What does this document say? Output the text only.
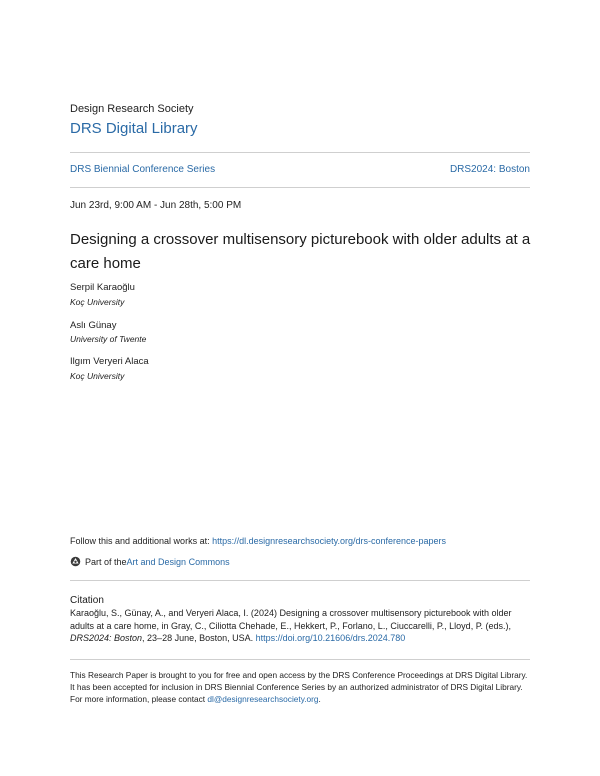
Design Research Society
DRS Digital Library
DRS Biennial Conference Series	DRS2024: Boston
Jun 23rd, 9:00 AM - Jun 28th, 5:00 PM
Designing a crossover multisensory picturebook with older adults at a care home
Serpil Karaoğlu
Koç University
Aslı Günay
University of Twente
Ilgım Veryeri Alaca
Koç University
Follow this and additional works at: https://dl.designresearchsociety.org/drs-conference-papers
Part of the Art and Design Commons
Citation
Karaoğlu, S., Günay, A., and Veryeri Alaca, I. (2024) Designing a crossover multisensory picturebook with older adults at a care home, in Gray, C., Ciliotta Chehade, E., Hekkert, P., Forlano, L., Ciuccarelli, P., Lloyd, P. (eds.), DRS2024: Boston, 23–28 June, Boston, USA. https://doi.org/10.21606/drs.2024.780
This Research Paper is brought to you for free and open access by the DRS Conference Proceedings at DRS Digital Library. It has been accepted for inclusion in DRS Biennial Conference Series by an authorized administrator of DRS Digital Library. For more information, please contact dl@designresearchsociety.org.
